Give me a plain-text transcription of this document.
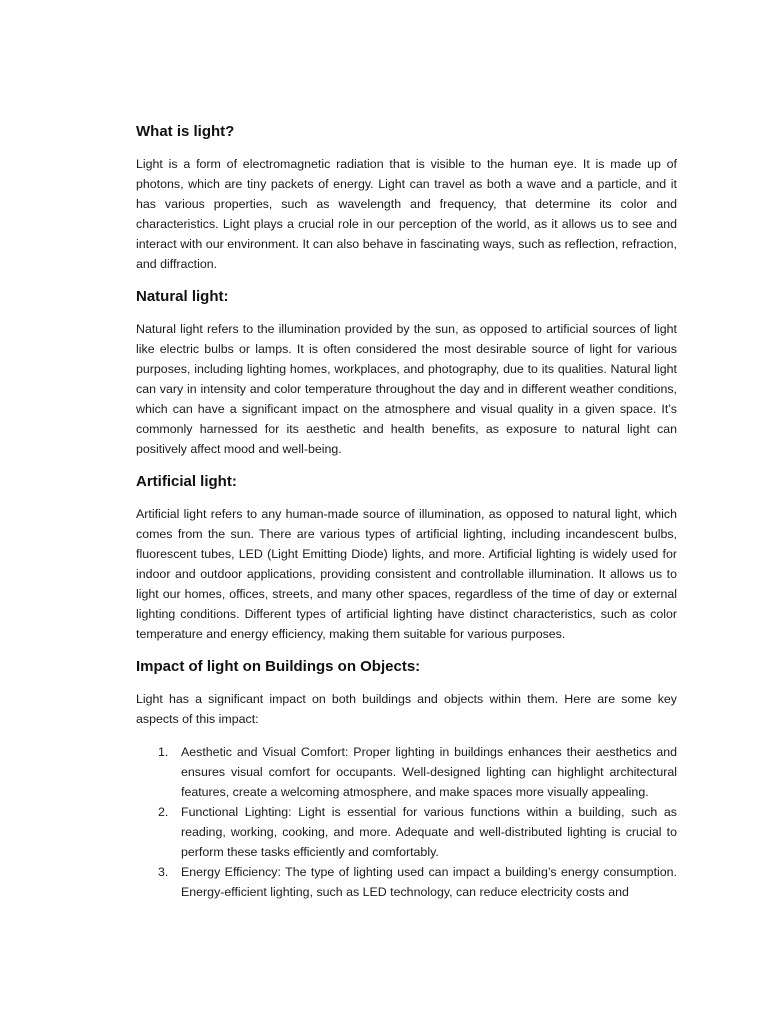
What is light?

Light is a form of electromagnetic radiation that is visible to the human eye. It is made up of photons, which are tiny packets of energy. Light can travel as both a wave and a particle, and it has various properties, such as wavelength and frequency, that determine its color and characteristics. Light plays a crucial role in our perception of the world, as it allows us to see and interact with our environment. It can also behave in fascinating ways, such as reflection, refraction, and diffraction.

Natural light:

Natural light refers to the illumination provided by the sun, as opposed to artificial sources of light like electric bulbs or lamps. It is often considered the most desirable source of light for various purposes, including lighting homes, workplaces, and photography, due to its qualities. Natural light can vary in intensity and color temperature throughout the day and in different weather conditions, which can have a significant impact on the atmosphere and visual quality in a given space. It’s commonly harnessed for its aesthetic and health benefits, as exposure to natural light can positively affect mood and well-being.

Artificial light:

Artificial light refers to any human-made source of illumination, as opposed to natural light, which comes from the sun. There are various types of artificial lighting, including incandescent bulbs, fluorescent tubes, LED (Light Emitting Diode) lights, and more. Artificial lighting is widely used for indoor and outdoor applications, providing consistent and controllable illumination. It allows us to light our homes, offices, streets, and many other spaces, regardless of the time of day or external lighting conditions. Different types of artificial lighting have distinct characteristics, such as color temperature and energy efficiency, making them suitable for various purposes.

Impact of light on Buildings on Objects:

Light has a significant impact on both buildings and objects within them. Here are some key aspects of this impact:

1. Aesthetic and Visual Comfort: Proper lighting in buildings enhances their aesthetics and ensures visual comfort for occupants. Well-designed lighting can highlight architectural features, create a welcoming atmosphere, and make spaces more visually appealing.
2. Functional Lighting: Light is essential for various functions within a building, such as reading, working, cooking, and more. Adequate and well-distributed lighting is crucial to perform these tasks efficiently and comfortably.
3. Energy Efficiency: The type of lighting used can impact a building’s energy consumption. Energy-efficient lighting, such as LED technology, can reduce electricity costs and
